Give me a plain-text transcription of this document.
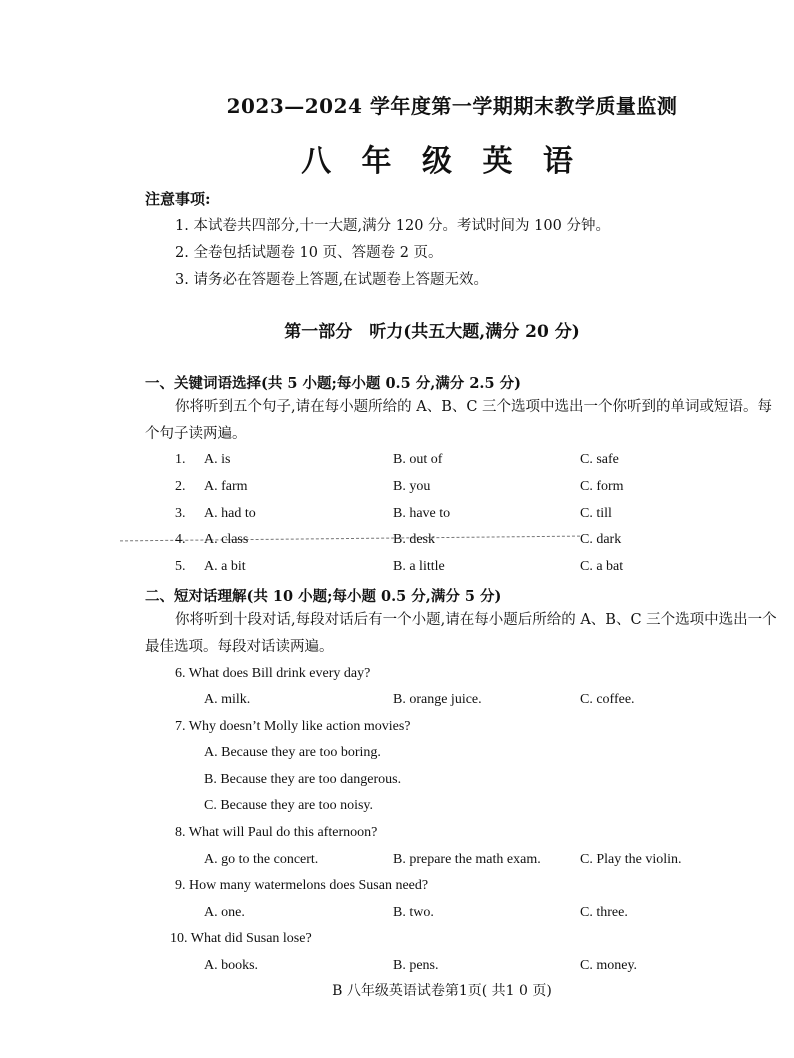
2023—2024 学年度第一学期期末教学质量监测
八 年 级 英 语
注意事项:
1. 本试卷共四部分,十一大题,满分 120 分。考试时间为 100 分钟。
2. 全卷包括试题卷 10 页、答题卷 2 页。
3. 请务必在答题卷上答题,在试题卷上答题无效。
第一部分　听力(共五大题,满分 20 分)
一、关键词语选择(共 5 小题;每小题 0.5 分,满分 2.5 分)
你将听到五个句子,请在每小题所给的 A、B、C 三个选项中选出一个你听到的单词或短语。每个句子读两遍。
1. A. is	B. out of	C. safe
2. A. farm	B. you	C. form
3. A. had to	B. have to	C. till
4. A. class	B. desk	C. dark
5. A. a bit	B. a little	C. a bat
二、短对话理解(共 10 小题;每小题 0.5 分,满分 5 分)
你将听到十段对话,每段对话后有一个小题,请在每小题后所给的 A、B、C 三个选项中选出一个最佳选项。每段对话读两遍。
6. What does Bill drink every day?
A. milk.	B. orange juice.	C. coffee.
7. Why doesn’t Molly like action movies?
A. Because they are too boring.
B. Because they are too dangerous.
C. Because they are too noisy.
8. What will Paul do this afternoon?
A. go to the concert.	B. prepare the math exam.	C. Play the violin.
9. How many watermelons does Susan need?
A. one.	B. two.	C. three.
10. What did Susan lose?
A. books.	B. pens.	C. money.
B 八年级英语试卷第1页( 共1 0 页)
